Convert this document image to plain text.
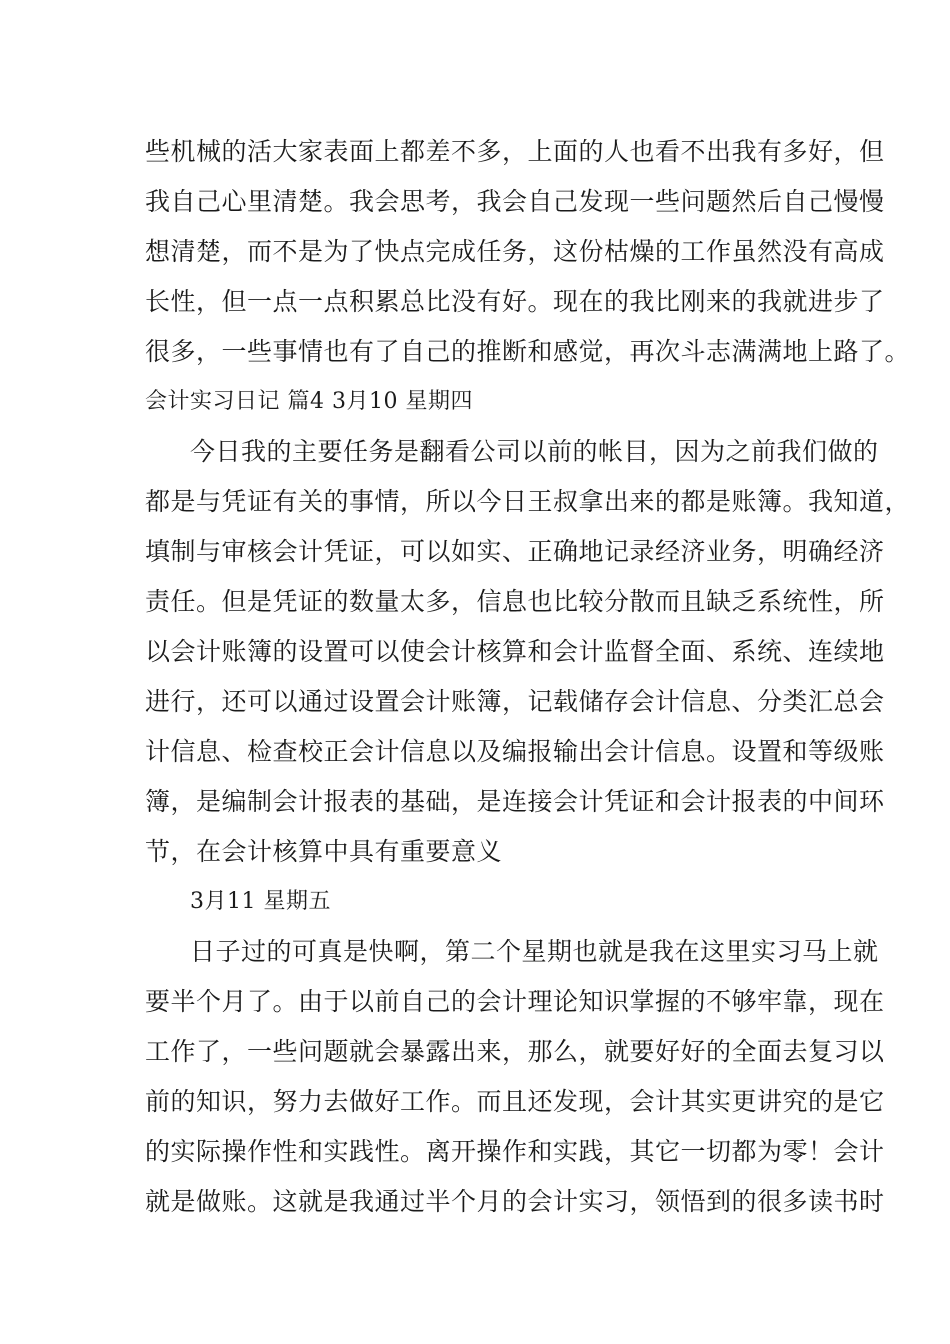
些机械的活大家表面上都差不多，上面的人也看不出我有多好，但
我自己心里清楚。我会思考，我会自己发现一些问题然后自己慢慢
想清楚，而不是为了快点完成任务，这份枯燥的工作虽然没有高成
长性，但一点一点积累总比没有好。现在的我比刚来的我就进步了
很多，一些事情也有了自己的推断和感觉，再次斗志满满地上路了。
会计实习日记 篇4 3月10 星期四
今日我的主要任务是翻看公司以前的帐目，因为之前我们做的
都是与凭证有关的事情，所以今日王叔拿出来的都是账簿。我知道，
填制与审核会计凭证，可以如实、正确地记录经济业务，明确经济
责任。但是凭证的数量太多，信息也比较分散而且缺乏系统性，所
以会计账簿的设置可以使会计核算和会计监督全面、系统、连续地
进行，还可以通过设置会计账簿，记载储存会计信息、分类汇总会
计信息、检查校正会计信息以及编报输出会计信息。设置和等级账
簿，是编制会计报表的基础，是连接会计凭证和会计报表的中间环
节，在会计核算中具有重要意义
3月11 星期五
日子过的可真是快啊，第二个星期也就是我在这里实习马上就
要半个月了。由于以前自己的会计理论知识掌握的不够牢靠，现在
工作了，一些问题就会暴露出来，那么，就要好好的全面去复习以
前的知识，努力去做好工作。而且还发现，会计其实更讲究的是它
的实际操作性和实践性。离开操作和实践，其它一切都为零！会计
就是做账。这就是我通过半个月的会计实习，领悟到的很多读书时
